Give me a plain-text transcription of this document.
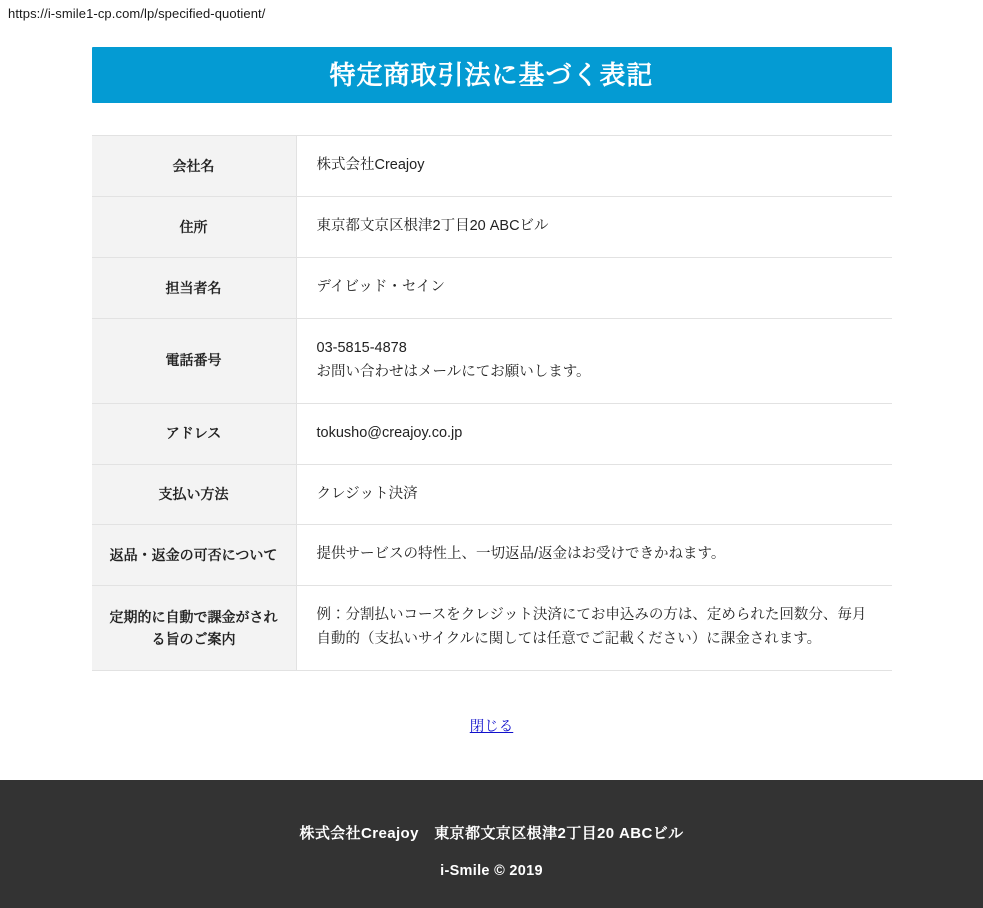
https://i-smile1-cp.com/lp/specified-quotient/
特定商取引法に基づく表記
会社名	株式会社Creajoy

住所	東京都文京区根津2丁目20 ABCビル

担当者名	デイビッド・セイン

電話番号	03-5815-4878
お問い合わせはメールにてお願いします。

アドレス	tokusho@creajoy.co.jp

支払い方法	クレジット決済

返品・返金の可否について	提供サービスの特性上、一切返品/返金はお受けできかねます。

定期的に自動で課金がされる旨のご案内	例：分割払いコースをクレジット決済にてお申込みの方は、定められた回数分、毎月自動的（支払いサイクルに関しては任意でご記載ください）に課金されます。
閉じる
株式会社Creajoy　東京都文京区根津2丁目20 ABCビル
i-Smile © 2019
